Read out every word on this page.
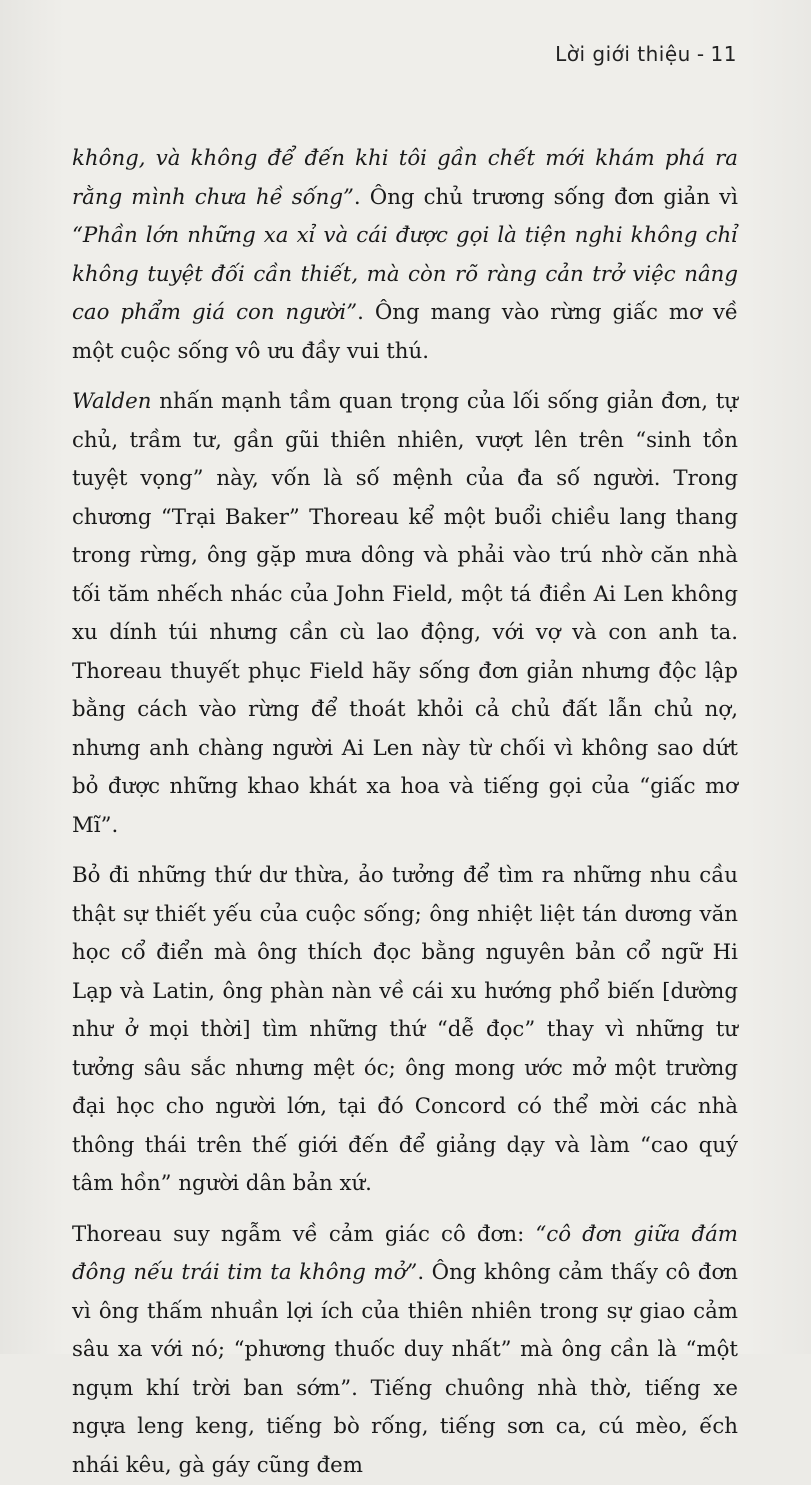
Lời giới thiệu - 11

không, và không để đến khi tôi gần chết mới khám phá ra rằng mình chưa hề sống”. Ông chủ trương sống đơn giản vì “Phần lớn những xa xỉ và cái được gọi là tiện nghi không chỉ không tuyệt đối cần thiết, mà còn rõ ràng cản trở việc nâng cao phẩm giá con người”. Ông mang vào rừng giấc mơ về một cuộc sống vô ưu đầy vui thú.

Walden nhấn mạnh tầm quan trọng của lối sống giản đơn, tự chủ, trầm tư, gần gũi thiên nhiên, vượt lên trên “sinh tồn tuyệt vọng” này, vốn là số mệnh của đa số người. Trong chương “Trại Baker” Thoreau kể một buổi chiều lang thang trong rừng, ông gặp mưa dông và phải vào trú nhờ căn nhà tối tăm nhếch nhác của John Field, một tá điền Ai Len không xu dính túi nhưng cần cù lao động, với vợ và con anh ta. Thoreau thuyết phục Field hãy sống đơn giản nhưng độc lập bằng cách vào rừng để thoát khỏi cả chủ đất lẫn chủ nợ, nhưng anh chàng người Ai Len này từ chối vì không sao dứt bỏ được những khao khát xa hoa và tiếng gọi của “giấc mơ Mĩ”.

Bỏ đi những thứ dư thừa, ảo tưởng để tìm ra những nhu cầu thật sự thiết yếu của cuộc sống; ông nhiệt liệt tán dương văn học cổ điển mà ông thích đọc bằng nguyên bản cổ ngữ Hi Lạp và Latin, ông phàn nàn về cái xu hướng phổ biến [dường như ở mọi thời] tìm những thứ “dễ đọc” thay vì những tư tưởng sâu sắc nhưng mệt óc; ông mong ước mở một trường đại học cho người lớn, tại đó Concord có thể mời các nhà thông thái trên thế giới đến để giảng dạy và làm “cao quý tâm hồn” người dân bản xứ.

Thoreau suy ngẫm về cảm giác cô đơn: “cô đơn giữa đám đông nếu trái tim ta không mở”. Ông không cảm thấy cô đơn vì ông thấm nhuần lợi ích của thiên nhiên trong sự giao cảm sâu xa với nó; “phương thuốc duy nhất” mà ông cần là “một ngụm khí trời ban sớm”. Tiếng chuông nhà thờ, tiếng xe ngựa leng keng, tiếng bò rống, tiếng sơn ca, cú mèo, ếch nhái kêu, gà gáy cũng đem
